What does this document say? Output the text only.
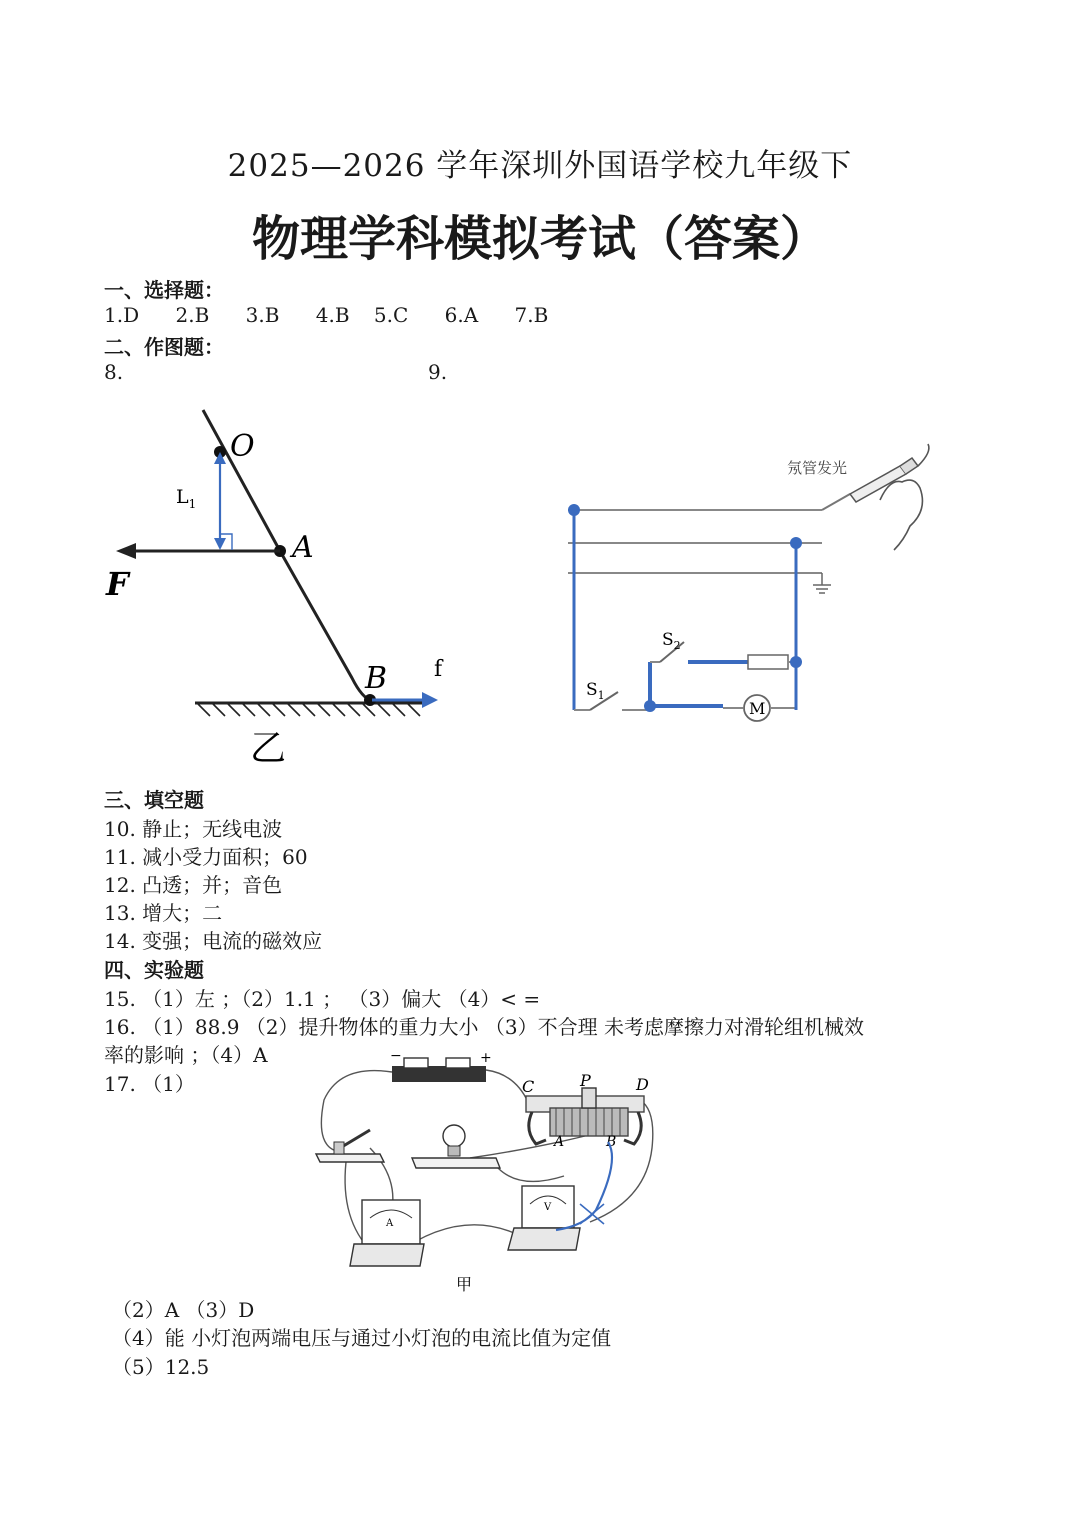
2025—2026 学年深圳外国语学校九年级下
物理学科模拟考试（答案）
一、选择题：
1.D 2.B 3.B 4.B 5.C 6.A 7.B
二、作图题：
8.	9.
O
A
B
F
f
$L_1$
乙
M
氖管发光
$S_1$
$S_2$
三、填空题
10. 静止；无线电波
11. 减小受力面积；60
12. 凸透；并；音色
13. 增大；二
14. 变强；电流的磁效应
四、实验题
15. （1）左 ；（2）1.1 ； （3）偏大 （4）< =
16. （1）88.9 （2）提升物体的重力大小 （3）不合理 未考虑摩擦力对滑轮组机械效
率的影响 ；（4）A
17. （1）
−	+
C	P	D
A	B
A
V
甲
（2）A （3）D
（4）能 小灯泡两端电压与通过小灯泡的电流比值为定值
（5）12.5
